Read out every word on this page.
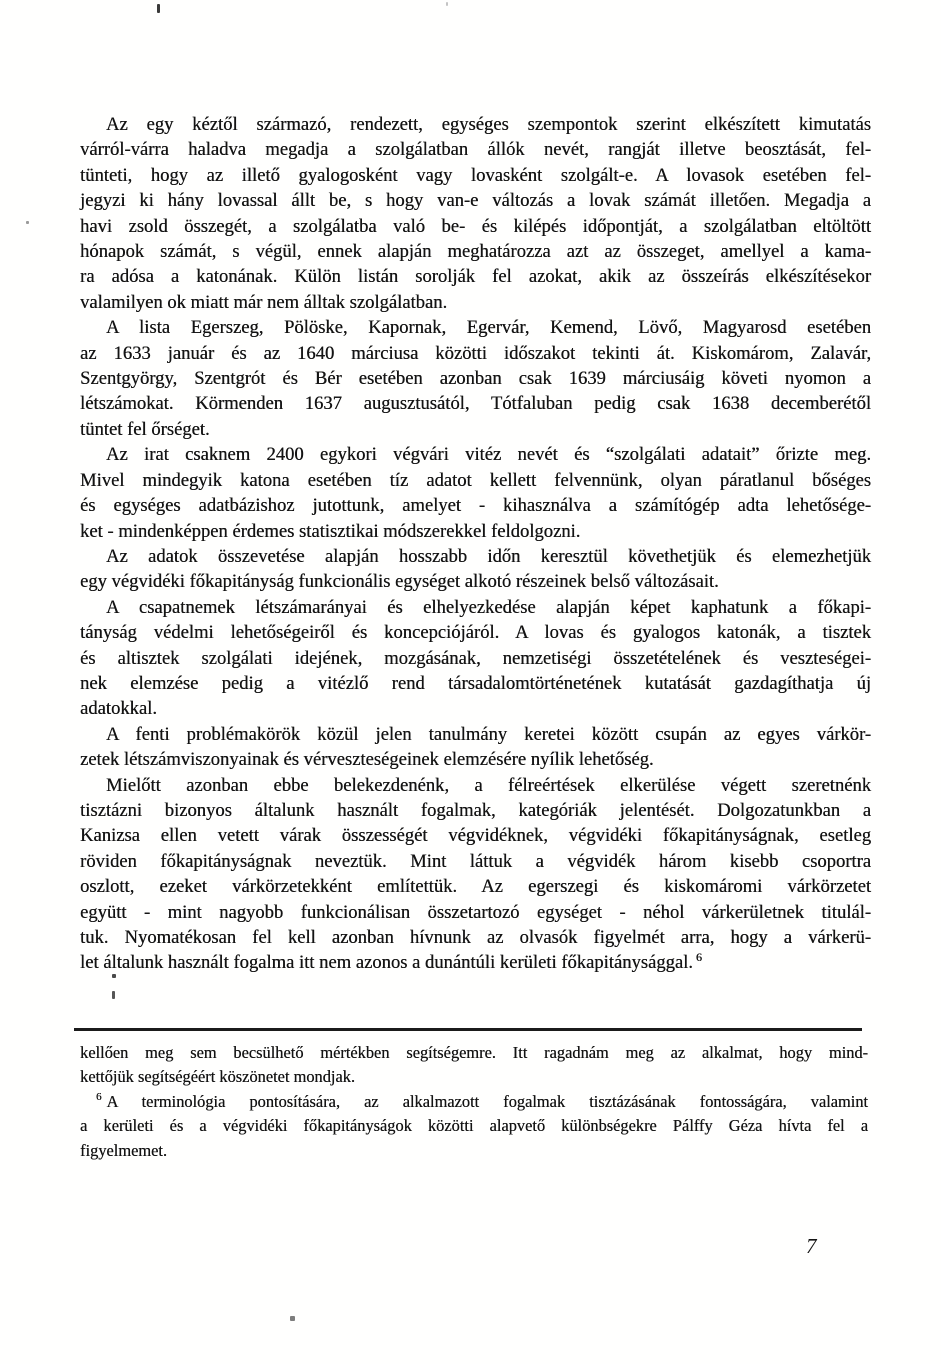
Az egy kéztől származó, rendezett, egységes szempontok szerint elkészített kimutatás
várról-várra haladva megadja a szolgálatban állók nevét, rangját illetve beosztását, fel-
tünteti, hogy az illető gyalogosként vagy lovasként szolgált-e. A lovasok esetében fel-
jegyzi ki hány lovassal állt be, s hogy van-e változás a lovak számát illetően. Megadja a
havi zsold összegét, a szolgálatba való be- és kilépés időpontját, a szolgálatban eltöltött
hónapok számát, s végül, ennek alapján meghatározza azt az összeget, amellyel a kama-
ra adósa a katonának. Külön listán sorolják fel azokat, akik az összeírás elkészítésekor
valamilyen ok miatt már nem álltak szolgálatban.
A lista Egerszeg, Pölöske, Kapornak, Egervár, Kemend, Lövő, Magyarosd esetében
az 1633 január és az 1640 márciusa közötti időszakot tekinti át. Kiskomárom, Zalavár,
Szentgyörgy, Szentgrót és Bér esetében azonban csak 1639 márciusáig követi nyomon a
létszámokat. Körmenden 1637 augusztusától, Tótfaluban pedig csak 1638 decemberétől
tüntet fel őrséget.
Az irat csaknem 2400 egykori végvári vitéz nevét és “szolgálati adatait” őrizte meg.
Mivel mindegyik katona esetében tíz adatot kellett felvennünk, olyan páratlanul bőséges
és egységes adatbázishoz jutottunk, amelyet - kihasználva a számítógép adta lehetősége-
ket - mindenképpen érdemes statisztikai módszerekkel feldolgozni.
Az adatok összevetése alapján hosszabb időn keresztül követhetjük és elemezhetjük
egy végvidéki főkapitányság funkcionális egységet alkotó részeinek belső változásait.
A csapatnemek létszámarányai és elhelyezkedése alapján képet kaphatunk a főkapi-
tányság védelmi lehetőségeiről és koncepciójáról. A lovas és gyalogos katonák, a tisztek
és altisztek szolgálati idejének, mozgásának, nemzetiségi összetételének és veszteségei-
nek elemzése pedig a vitézlő rend társadalomtörténetének kutatását gazdagíthatja új
adatokkal.
A fenti problémakörök közül jelen tanulmány keretei között csupán az egyes várkör-
zetek létszámviszonyainak és vérveszteségeinek elemzésére nyílik lehetőség.
Mielőtt azonban ebbe belekezdenénk, a félreértések elkerülése végett szeretnénk
tisztázni bizonyos általunk használt fogalmak, kategóriák jelentését. Dolgozatunkban a
Kanizsa ellen vetett várak összességét végvidéknek, végvidéki főkapitányságnak, esetleg
röviden főkapitányságnak neveztük. Mint láttuk a végvidék három kisebb csoportra
oszlott, ezeket várkörzetekként említettük. Az egerszegi és kiskomáromi várkörzetet
együtt - mint nagyobb funkcionálisan összetartozó egységet - néhol várkerületnek titulál-
tuk. Nyomatékosan fel kell azonban hívnunk az olvasók figyelmét arra, hogy a várkerü-
let általunk használt fogalma itt nem azonos a dunántúli kerületi főkapitánysággal. $^6$
kellően meg sem becsülhető mértékben segítségemre. Itt ragadnám meg az alkalmat, hogy mind-
kettőjük segítségéért köszönetet mondjak.
$^6$ A terminológia pontosítására, az alkalmazott fogalmak tisztázásának fontosságára, valamint
a kerületi és a végvidéki főkapitányságok közötti alapvető különbségekre Pálffy Géza hívta fel a
figyelmemet.
7
